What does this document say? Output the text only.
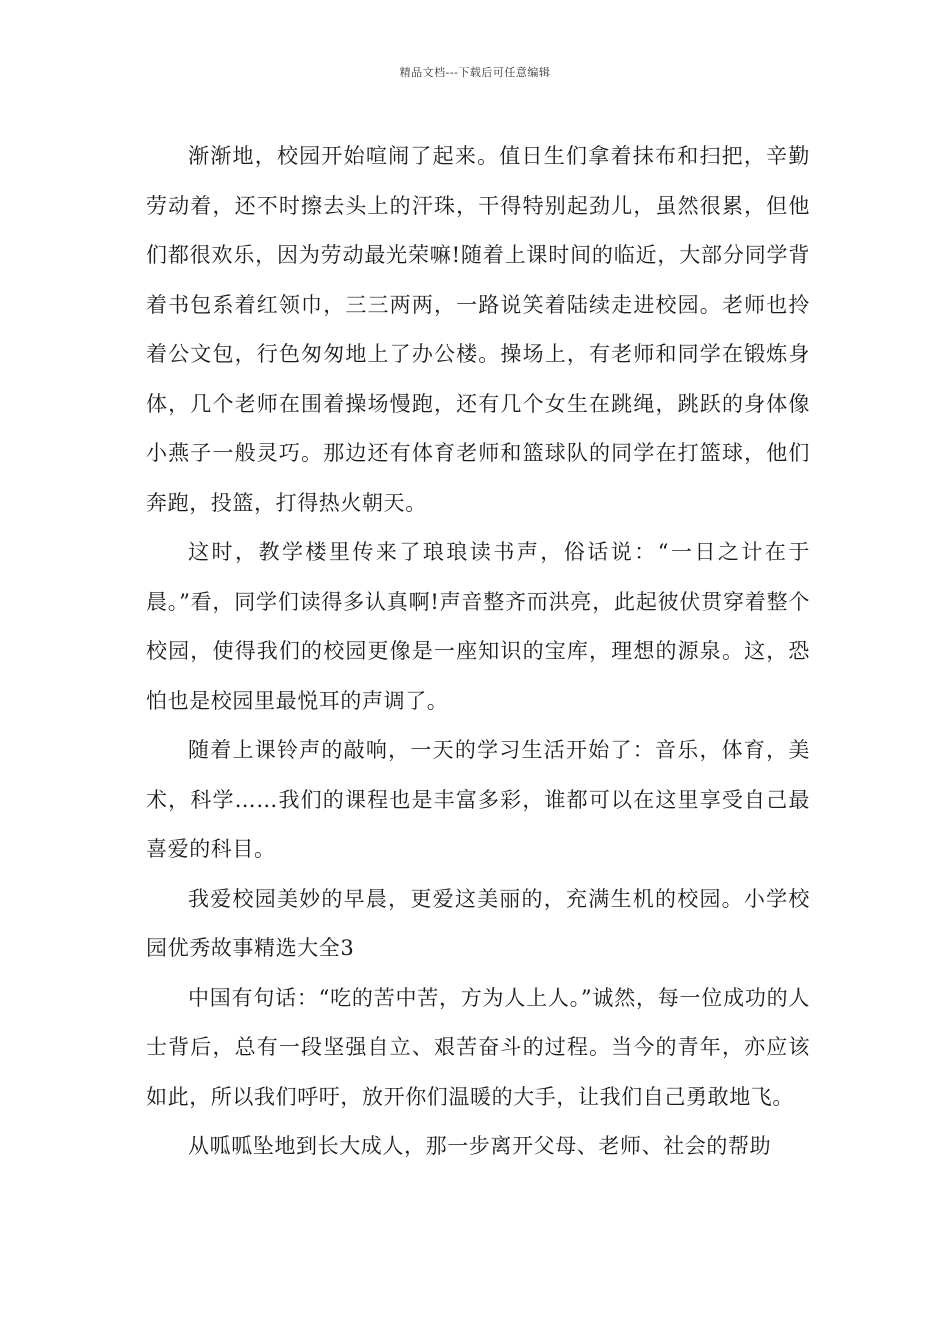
精品文档---下载后可任意编辑

渐渐地，校园开始喧闹了起来。值日生们拿着抹布和扫把，辛勤劳动着，还不时擦去头上的汗珠，干得特别起劲儿，虽然很累，但他们都很欢乐，因为劳动最光荣嘛!随着上课时间的临近，大部分同学背着书包系着红领巾，三三两两，一路说笑着陆续走进校园。老师也拎着公文包，行色匆匆地上了办公楼。操场上，有老师和同学在锻炼身体，几个老师在围着操场慢跑，还有几个女生在跳绳，跳跃的身体像小燕子一般灵巧。那边还有体育老师和篮球队的同学在打篮球，他们奔跑，投篮，打得热火朝天。

这时，教学楼里传来了琅琅读书声，俗话说：“一日之计在于晨。”看，同学们读得多认真啊!声音整齐而洪亮，此起彼伏贯穿着整个校园，使得我们的校园更像是一座知识的宝库，理想的源泉。这，恐怕也是校园里最悦耳的声调了。

随着上课铃声的敲响，一天的学习生活开始了：音乐，体育，美术，科学……我们的课程也是丰富多彩，谁都可以在这里享受自己最喜爱的科目。

我爱校园美妙的早晨，更爱这美丽的，充满生机的校园。小学校园优秀故事精选大全3

中国有句话：“吃的苦中苦，方为人上人。”诚然，每一位成功的人士背后，总有一段坚强自立、艰苦奋斗的过程。当今的青年，亦应该如此，所以我们呼吁，放开你们温暖的大手，让我们自己勇敢地飞。

从呱呱坠地到长大成人，那一步离开父母、老师、社会的帮助
